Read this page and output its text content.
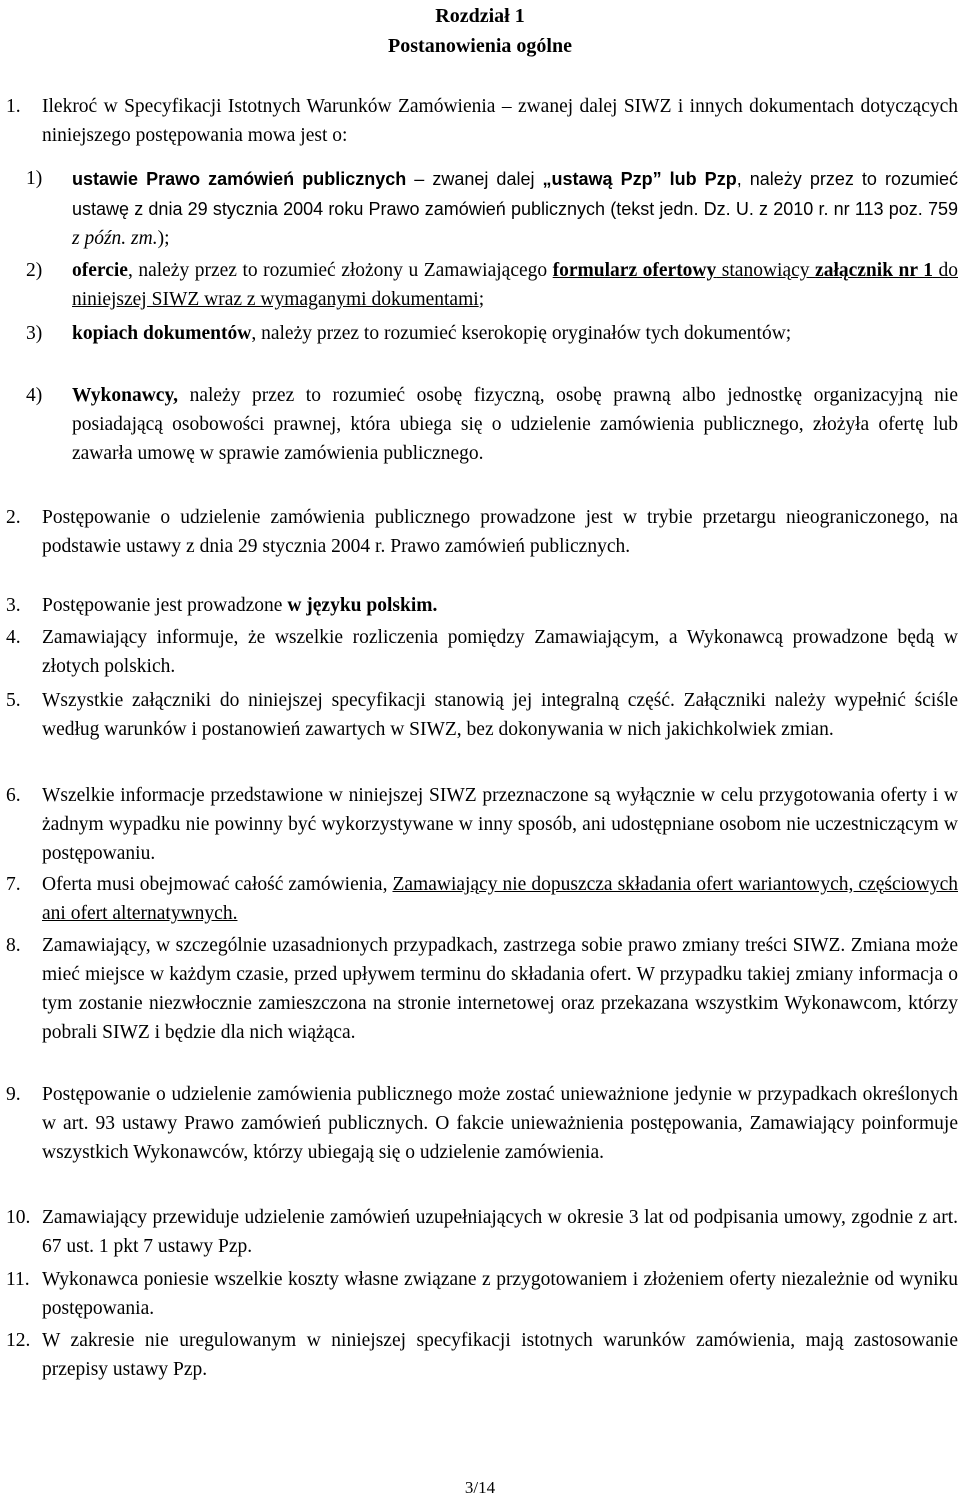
Rozdział 1
Postanowienia ogólne
1. Ilekroć w Specyfikacji Istotnych Warunków Zamówienia – zwanej dalej SIWZ i innych dokumentach dotyczących niniejszego postępowania mowa jest o:
1) ustawie Prawo zamówień publicznych – zwanej dalej „ustawą Pzp” lub Pzp, należy przez to rozumieć ustawę z dnia 29 stycznia 2004 roku Prawo zamówień publicznych (tekst jedn. Dz. U. z 2010 r. nr 113 poz. 759 z późn. zm.);
2) ofercie, należy przez to rozumieć złożony u Zamawiającego formularz ofertowy stanowiący załącznik nr 1 do niniejszej SIWZ wraz z wymaganymi dokumentami;
3) kopiach dokumentów, należy przez to rozumieć kserokopię oryginałów tych dokumentów;
4) Wykonawcy, należy przez to rozumieć osobę fizyczną, osobę prawną albo jednostkę organizacyjną nie posiadającą osobowości prawnej, która ubiega się o udzielenie zamówienia publicznego, złożyła ofertę lub zawarła umowę w sprawie zamówienia publicznego.
2. Postępowanie o udzielenie zamówienia publicznego prowadzone jest w trybie przetargu nieograniczonego, na podstawie ustawy z dnia 29 stycznia 2004 r. Prawo zamówień publicznych.
3. Postępowanie jest prowadzone w języku polskim.
4. Zamawiający informuje, że wszelkie rozliczenia pomiędzy Zamawiającym, a Wykonawcą prowadzone będą w złotych polskich.
5. Wszystkie załączniki do niniejszej specyfikacji stanowią jej integralną część. Załączniki należy wypełnić ściśle według warunków i postanowień zawartych w SIWZ, bez dokonywania w nich jakichkolwiek zmian.
6. Wszelkie informacje przedstawione w niniejszej SIWZ przeznaczone są wyłącznie w celu przygotowania oferty i w żadnym wypadku nie powinny być wykorzystywane w inny sposób, ani udostępniane osobom nie uczestniczącym w postępowaniu.
7. Oferta musi obejmować całość zamówienia, Zamawiający nie dopuszcza składania ofert wariantowych, częściowych ani ofert alternatywnych.
8. Zamawiający, w szczególnie uzasadnionych przypadkach, zastrzega sobie prawo zmiany treści SIWZ. Zmiana może mieć miejsce w każdym czasie, przed upływem terminu do składania ofert. W przypadku takiej zmiany informacja o tym zostanie niezwłocznie zamieszczona na stronie internetowej oraz przekazana wszystkim Wykonawcom, którzy pobrali SIWZ i będzie dla nich wiążąca.
9. Postępowanie o udzielenie zamówienia publicznego może zostać unieważnione jedynie w przypadkach określonych w art. 93 ustawy Prawo zamówień publicznych. O fakcie unieważnienia postępowania, Zamawiający poinformuje wszystkich Wykonawców, którzy ubiegają się o udzielenie zamówienia.
10. Zamawiający przewiduje udzielenie zamówień uzupełniających w okresie 3 lat od podpisania umowy, zgodnie z art. 67 ust. 1 pkt 7 ustawy Pzp.
11. Wykonawca poniesie wszelkie koszty własne związane z przygotowaniem i złożeniem oferty niezależnie od wyniku postępowania.
12. W zakresie nie uregulowanym w niniejszej specyfikacji istotnych warunków zamówienia, mają zastosowanie przepisy ustawy Pzp.
3/14
